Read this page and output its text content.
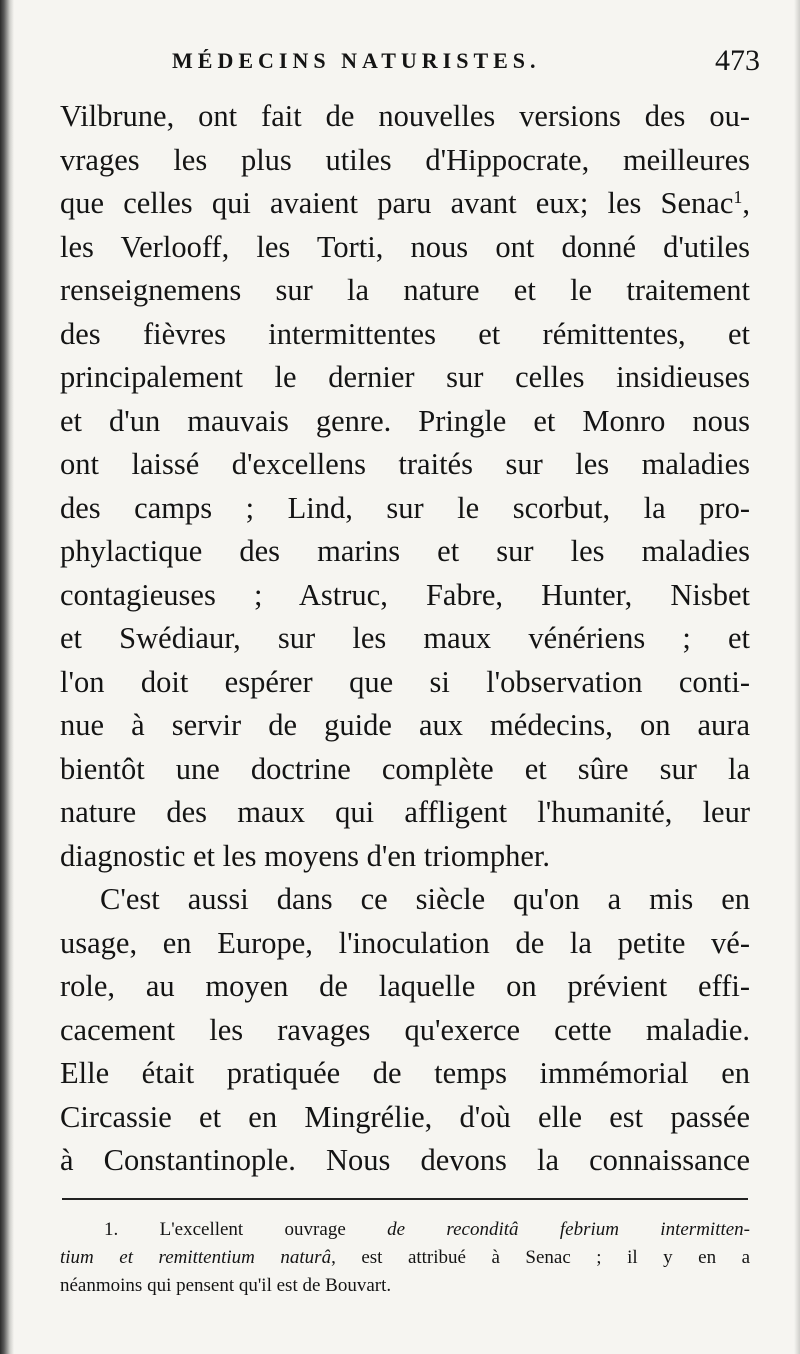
MÉDECINS NATURISTES.	473
Vilbrune, ont fait de nouvelles versions des ou-
vrages les plus utiles d'Hippocrate, meilleures
que celles qui avaient paru avant eux; les Senac$^1$,
les Verlooff, les Torti, nous ont donné d'utiles
renseignemens sur la nature et le traitement
des fièvres intermittentes et rémittentes, et
principalement le dernier sur celles insidieuses
et d'un mauvais genre. Pringle et Monro nous
ont laissé d'excellens traités sur les maladies
des camps ; Lind, sur le scorbut, la pro-
phylactique des marins et sur les maladies
contagieuses ; Astruc, Fabre, Hunter, Nisbet
et Swédiaur, sur les maux vénériens ; et
l'on doit espérer que si l'observation conti-
nue à servir de guide aux médecins, on aura
bientôt une doctrine complète et sûre sur la
nature des maux qui affligent l'humanité, leur
diagnostic et les moyens d'en triompher.
C'est aussi dans ce siècle qu'on a mis en
usage, en Europe, l'inoculation de la petite vé-
role, au moyen de laquelle on prévient effi-
cacement les ravages qu'exerce cette maladie.
Elle était pratiquée de temps immémorial en
Circassie et en Mingrélie, d'où elle est passée
à Constantinople. Nous devons la connaissance
1. L'excellent ouvrage de reconditâ febrium intermitten-
tium et remittentium naturâ, est attribué à Senac ; il y en a
néanmoins qui pensent qu'il est de Bouvart.
